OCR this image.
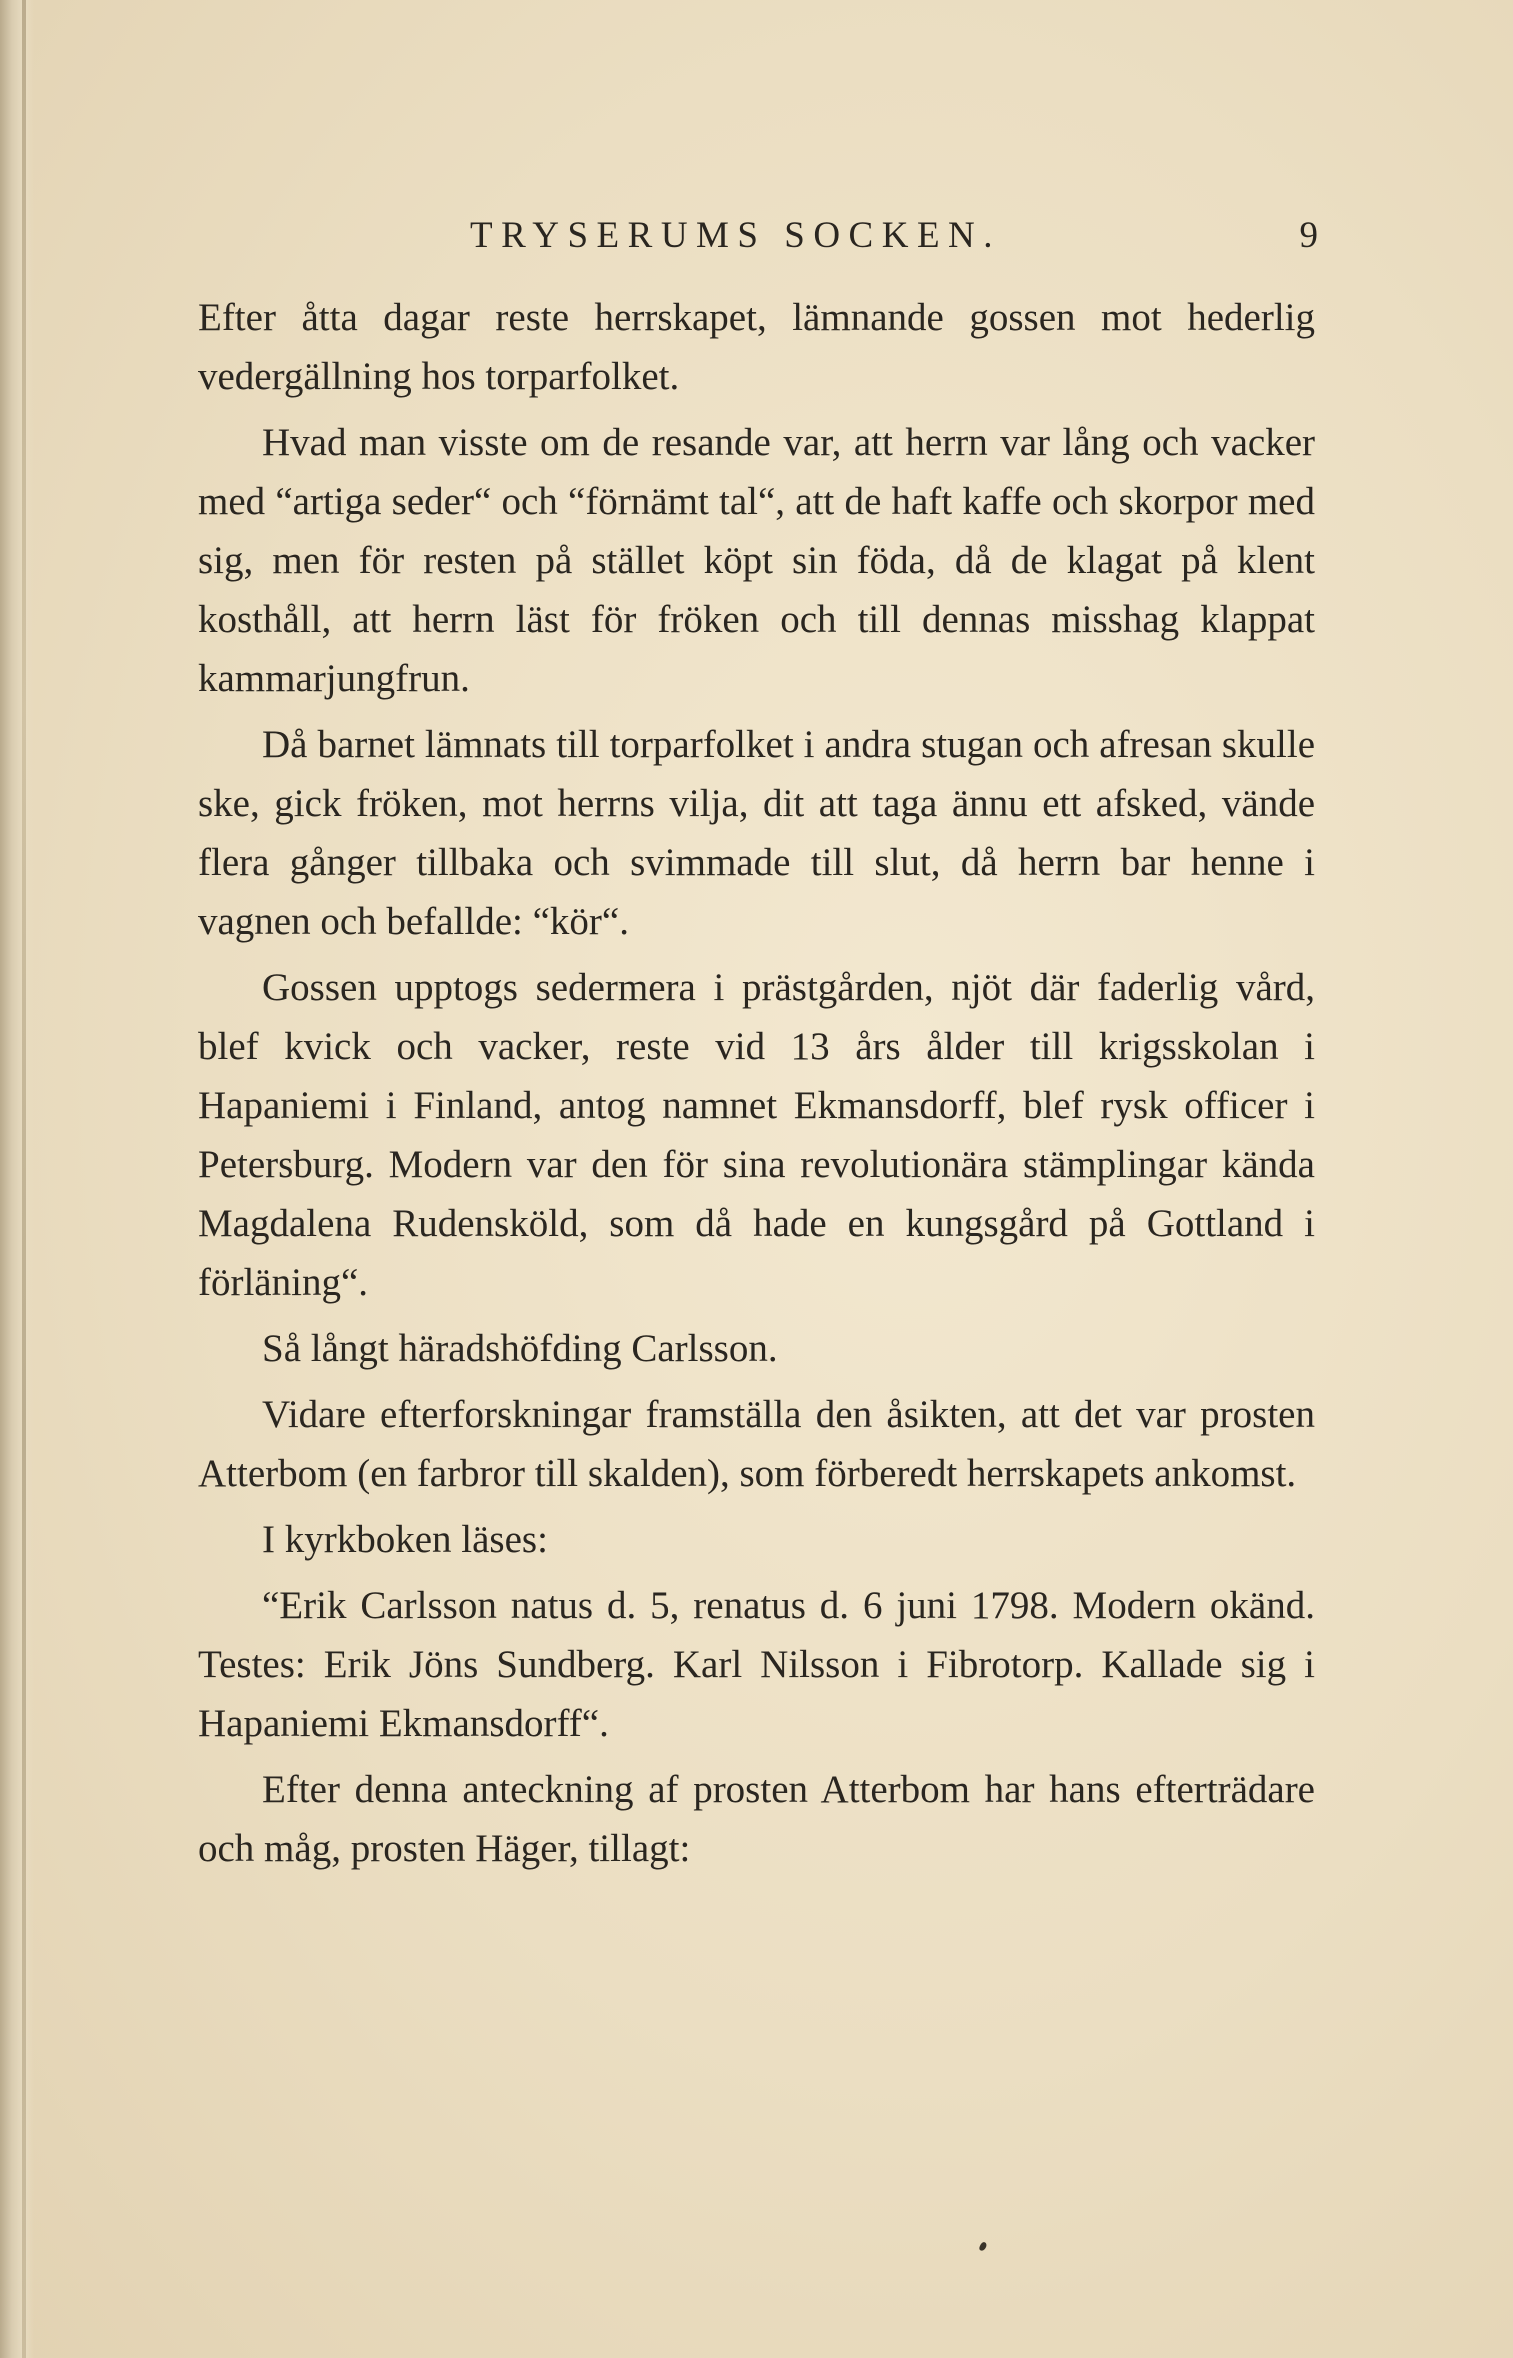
TRYSERUMS SOCKEN.	9

Efter åtta dagar reste herrskapet, lämnande gossen mot hederlig vedergällning hos torparfolket.

Hvad man visste om de resande var, att herrn var lång och vacker med “artiga seder“ och “förnämt tal“, att de haft kaffe och skorpor med sig, men för resten på stället köpt sin föda, då de klagat på klent kosthåll, att herrn läst för fröken och till dennas misshag klappat kammarjungfrun.

Då barnet lämnats till torparfolket i andra stugan och afresan skulle ske, gick fröken, mot herrns vilja, dit att taga ännu ett afsked, vände flera gånger tillbaka och svimmade till slut, då herrn bar henne i vagnen och befallde: “kör“.

Gossen upptogs sedermera i prästgården, njöt där faderlig vård, blef kvick och vacker, reste vid 13 års ålder till krigsskolan i Hapaniemi i Finland, antog namnet Ekmansdorff, blef rysk officer i Petersburg. Modern var den för sina revolutionära stämplingar kända Magdalena Rudensköld, som då hade en kungsgård på Gottland i förläning“.

Så långt häradshöfding Carlsson.

Vidare efterforskningar framställa den åsikten, att det var prosten Atterbom (en farbror till skalden), som förberedt herrskapets ankomst.

I kyrkboken läses:

“Erik Carlsson natus d. 5, renatus d. 6 juni 1798. Modern okänd. Testes: Erik Jöns Sundberg. Karl Nilsson i Fibrotorp. Kallade sig i Hapaniemi Ekmansdorff“.

Efter denna anteckning af prosten Atterbom har hans efterträdare och måg, prosten Häger, tillagt:
